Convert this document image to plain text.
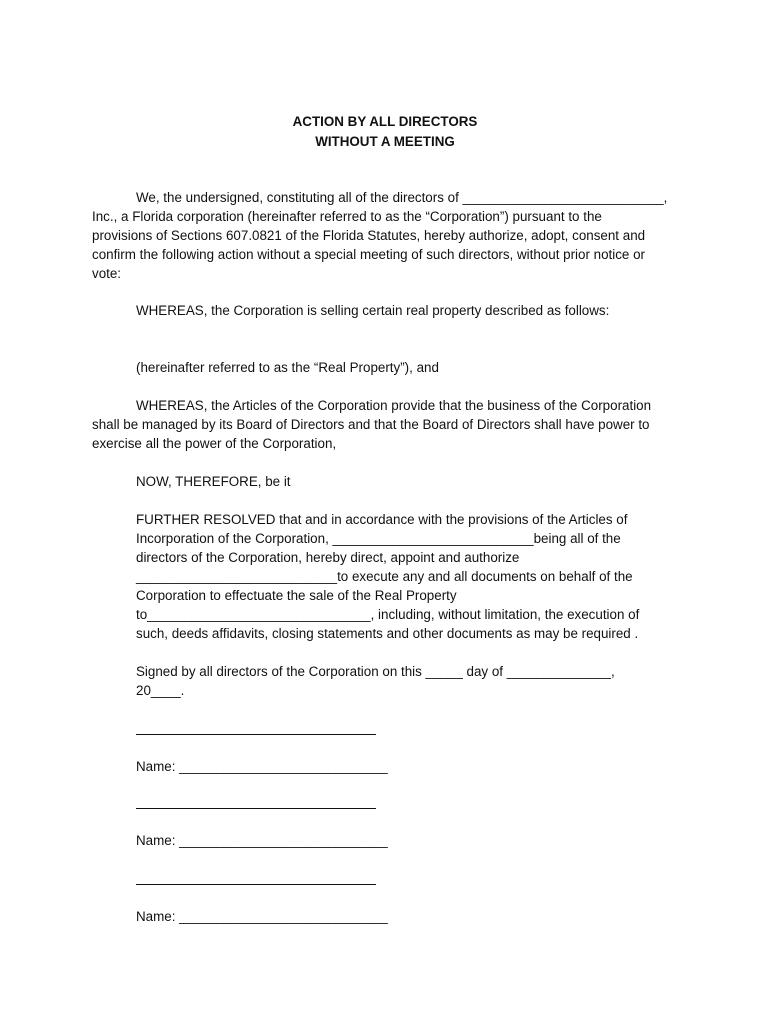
ACTION BY ALL DIRECTORS
WITHOUT A MEETING
We, the undersigned, constituting all of the directors of ___________________________,
Inc., a Florida corporation (hereinafter referred to as the “Corporation”) pursuant to the
provisions of Sections 607.0821 of the Florida Statutes, hereby authorize, adopt, consent and
confirm the following action without a special meeting of such directors, without prior notice or
vote:
WHEREAS, the Corporation is selling certain real property described as follows:
(hereinafter referred to as the “Real Property”), and
WHEREAS, the Articles of the Corporation provide that the business of the Corporation
shall be managed by its Board of Directors and that the Board of Directors shall have power to
exercise all the power of the Corporation,
NOW, THEREFORE, be it
FURTHER RESOLVED that and in accordance with the provisions of the Articles of
Incorporation of the Corporation, ___________________________being all of the
directors of the Corporation, hereby direct, appoint and authorize
___________________________to execute any and all documents on behalf of the
Corporation to effectuate the sale of the Real Property
to______________________________, including, without limitation, the execution of
such, deeds affidavits, closing statements and other documents as may be required .
Signed by all directors of the Corporation on this _____ day of ______________,
20____.
Name: ____________________________
Name: ____________________________
Name: ____________________________
